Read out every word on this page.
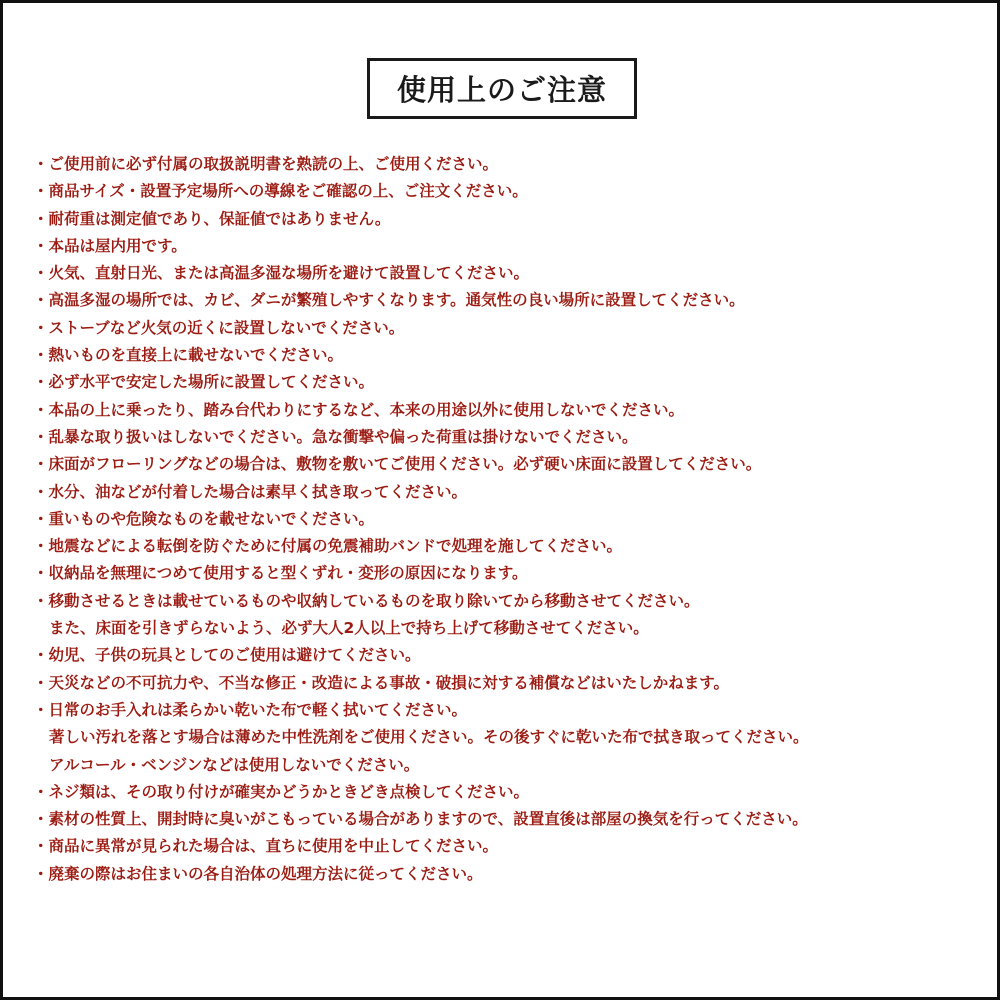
使用上のご注意
・ご使用前に必ず付属の取扱説明書を熟読の上、ご使用ください。
・商品サイズ・設置予定場所への導線をご確認の上、ご注文ください。
・耐荷重は測定値であり、保証値ではありません。
・本品は屋内用です。
・火気、直射日光、または高温多湿な場所を避けて設置してください。
・高温多湿の場所では、カビ、ダニが繁殖しやすくなります。通気性の良い場所に設置してください。
・ストーブなど火気の近くに設置しないでください。
・熱いものを直接上に載せないでください。
・必ず水平で安定した場所に設置してください。
・本品の上に乗ったり、踏み台代わりにするなど、本来の用途以外に使用しないでください。
・乱暴な取り扱いはしないでください。急な衝撃や偏った荷重は掛けないでください。
・床面がフローリングなどの場合は、敷物を敷いてご使用ください。必ず硬い床面に設置してください。
・水分、油などが付着した場合は素早く拭き取ってください。
・重いものや危険なものを載せないでください。
・地震などによる転倒を防ぐために付属の免震補助バンドで処理を施してください。
・収納品を無理につめて使用すると型くずれ・変形の原因になります。
・移動させるときは載せているものや収納しているものを取り除いてから移動させてください。
また、床面を引きずらないよう、必ず大人2人以上で持ち上げて移動させてください。
・幼児、子供の玩具としてのご使用は避けてください。
・天災などの不可抗力や、不当な修正・改造による事故・破損に対する補償などはいたしかねます。
・日常のお手入れは柔らかい乾いた布で軽く拭いてください。
著しい汚れを落とす場合は薄めた中性洗剤をご使用ください。その後すぐに乾いた布で拭き取ってください。
アルコール・ベンジンなどは使用しないでください。
・ネジ類は、その取り付けが確実かどうかときどき点検してください。
・素材の性質上、開封時に臭いがこもっている場合がありますので、設置直後は部屋の換気を行ってください。
・商品に異常が見られた場合は、直ちに使用を中止してください。
・廃棄の際はお住まいの各自治体の処理方法に従ってください。
